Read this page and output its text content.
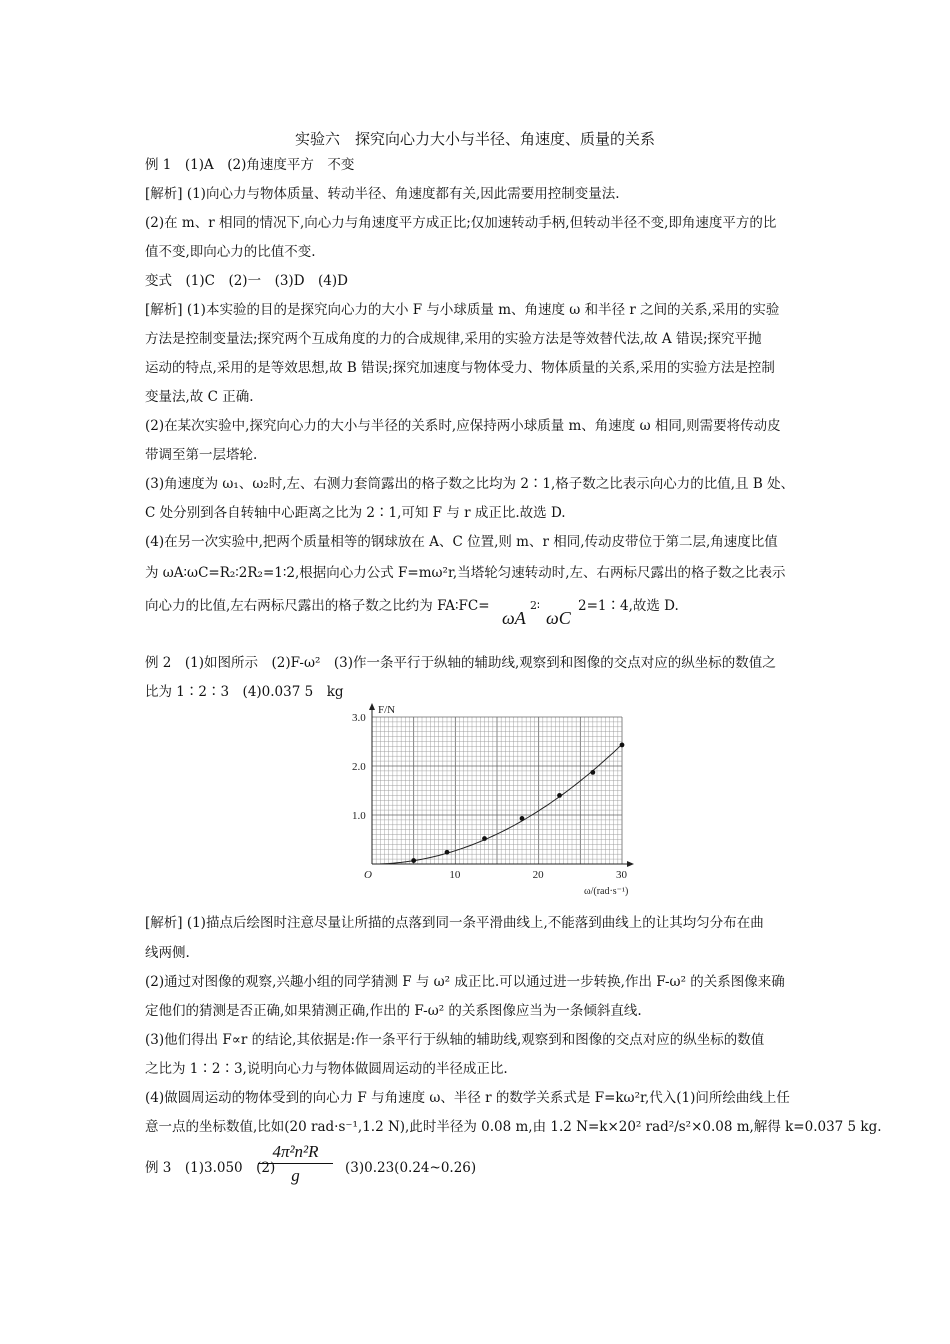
实验六　探究向心力大小与半径、角速度、质量的关系
例 1　(1)A　(2)角速度平方　不变
[解析] (1)向心力与物体质量、转动半径、角速度都有关,因此需要用控制变量法.
(2)在 m、r 相同的情况下,向心力与角速度平方成正比;仅加速转动手柄,但转动半径不变,即角速度平方的比
值不变,即向心力的比值不变.
变式　(1)C　(2)一　(3)D　(4)D
[解析] (1)本实验的目的是探究向心力的大小 F 与小球质量 m、角速度 ω 和半径 r 之间的关系,采用的实验
方法是控制变量法;探究两个互成角度的力的合成规律,采用的实验方法是等效替代法,故 A 错误;探究平抛
运动的特点,采用的是等效思想,故 B 错误;探究加速度与物体受力、物体质量的关系,采用的实验方法是控制
变量法,故 C 正确.
(2)在某次实验中,探究向心力的大小与半径的关系时,应保持两小球质量 m、角速度 ω 相同,则需要将传动皮
带调至第一层塔轮.
(3)角速度为 ω₁、ω₂时,左、右测力套筒露出的格子数之比均为 2∶1,格子数之比表示向心力的比值,且 B 处、
C 处分别到各自转轴中心距离之比为 2∶1,可知 F 与 r 成正比.故选 D.
(4)在另一次实验中,把两个质量相等的钢球放在 A、C 位置,则 m、r 相同,传动皮带位于第二层,角速度比值
为 ωA∶ωC=R₂∶2R₂=1∶2,根据向心力公式 F=mω²r,当塔轮匀速转动时,左、右两标尺露出的格子数之比表示
向心力的比值,左右两标尺露出的格子数之比约为 FA∶FC=
ωA
2∶
ωC
2=1∶4,故选 D.
例 2　(1)如图所示　(2)F-ω²　(3)作一条平行于纵轴的辅助线,观察到和图像的交点对应的纵坐标的数值之
比为 1∶2∶3　(4)0.037 5　kg
O	10	20	30
1.0
2.0
3.0
F/N
ω/(rad·s⁻¹)
[解析] (1)描点后绘图时注意尽量让所描的点落到同一条平滑曲线上,不能落到曲线上的让其均匀分布在曲
线两侧.
(2)通过对图像的观察,兴趣小组的同学猜测 F 与 ω² 成正比.可以通过进一步转换,作出 F-ω² 的关系图像来确
定他们的猜测是否正确,如果猜测正确,作出的 F-ω² 的关系图像应当为一条倾斜直线.
(3)他们得出 F∝r 的结论,其依据是:作一条平行于纵轴的辅助线,观察到和图像的交点对应的纵坐标的数值
之比为 1∶2∶3,说明向心力与物体做圆周运动的半径成正比.
(4)做圆周运动的物体受到的向心力 F 与角速度 ω、半径 r 的数学关系式是 F=kω²r,代入(1)问所绘曲线上任
意一点的坐标数值,比如(20 rad·s⁻¹,1.2 N),此时半径为 0.08 m,由 1.2 N=k×20² rad²/s²×0.08 m,解得 k=0.037 5 kg.
例 3　(1)3.050　(2)
$\frac{\text{4π²n²R}}{g}$ (3)0.23(0.24~0.26)
